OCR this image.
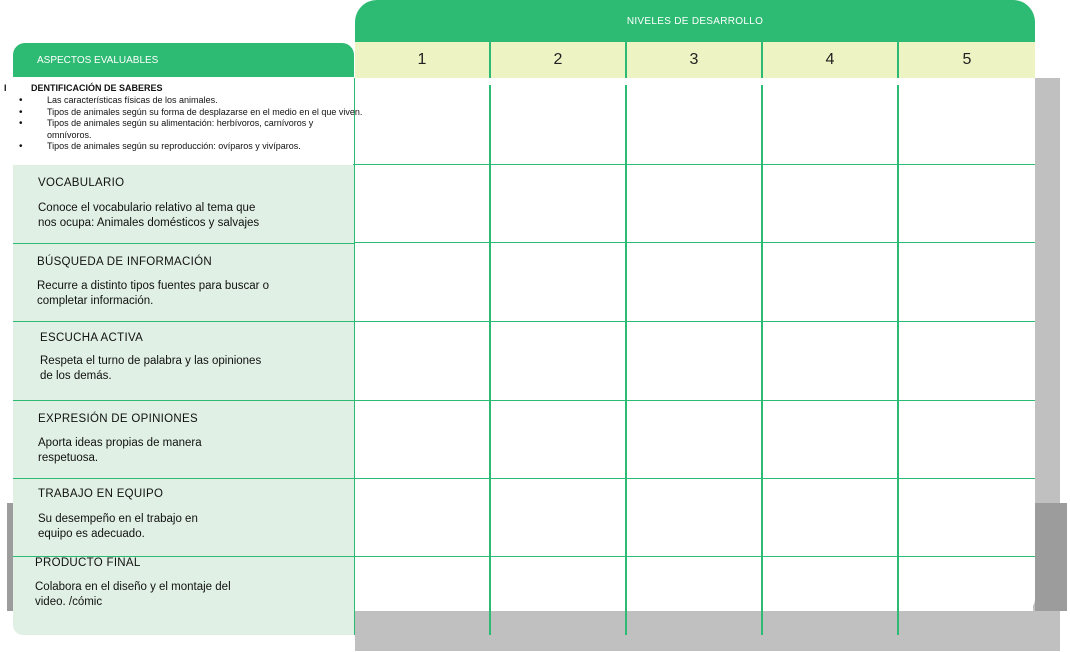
NIVELES DE DESARROLLO
ASPECTOS EVALUABLES	1	2	3	4	5
I	DENTIFICACIÓN DE SABERES
• Las características físicas de los animales.
• Tipos de animales según su forma de desplazarse en el medio en el que viven.
• Tipos de animales según su alimentación: herbívoros, carnívoros y omnívoros.
• Tipos de animales según su reproducción: ovíparos y vivíparos.
VOCABULARIO
Conoce el vocabulario relativo al tema que
nos ocupa: Animales domésticos y salvajes
BÚSQUEDA DE INFORMACIÓN
Recurre a distinto tipos fuentes para buscar o
completar información.
ESCUCHA ACTIVA
Respeta el turno de palabra y las opiniones
de los demás.
EXPRESIÓN DE OPINIONES
Aporta ideas propias de manera
respetuosa.
TRABAJO EN EQUIPO
Su desempeño en el trabajo en
equipo es adecuado.
PRODUCTO FINAL
Colabora en el diseño y el montaje del
video. /cómic
